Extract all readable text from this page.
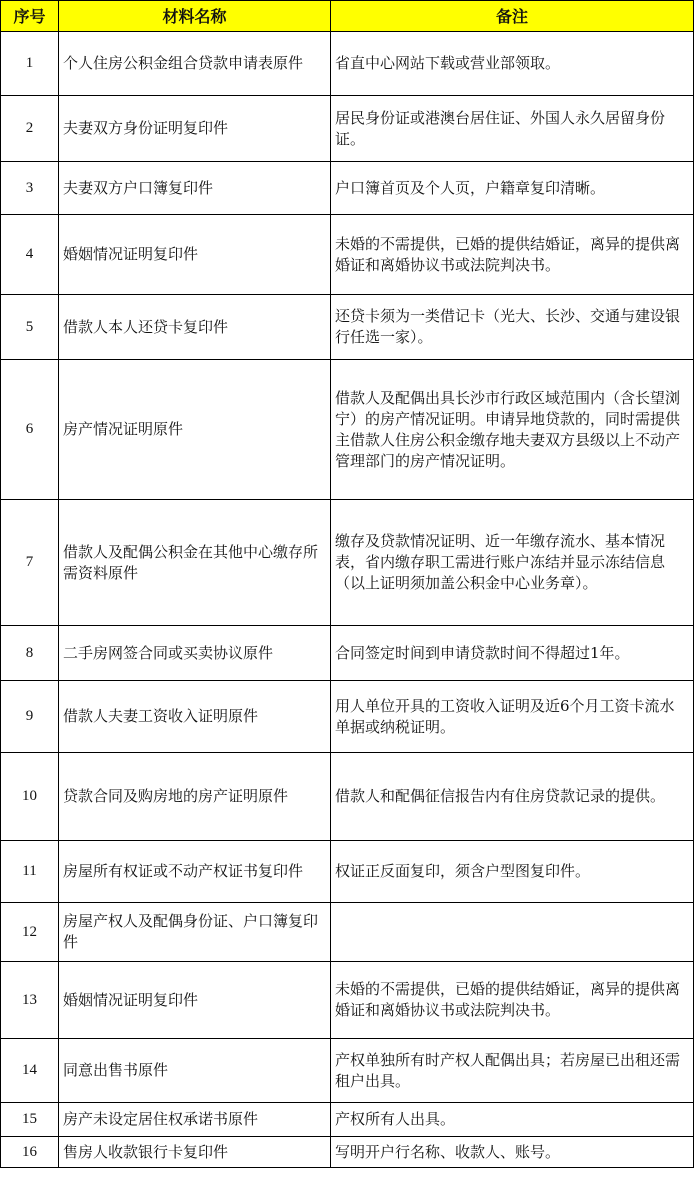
序号	材料名称	备注
1	个人住房公积金组合贷款申请表原件	省直中心网站下载或营业部领取。
2	夫妻双方身份证明复印件	居民身份证或港澳台居住证、外国人永久居留身份证。
3	夫妻双方户口簿复印件	户口簿首页及个人页，户籍章复印清晰。
4	婚姻情况证明复印件	未婚的不需提供，已婚的提供结婚证，离异的提供离婚证和离婚协议书或法院判决书。
5	借款人本人还贷卡复印件	还贷卡须为一类借记卡（光大、长沙、交通与建设银行任选一家）。
6	房产情况证明原件	借款人及配偶出具长沙市行政区域范围内（含长望浏宁）的房产情况证明。申请异地贷款的，同时需提供主借款人住房公积金缴存地夫妻双方县级以上不动产管理部门的房产情况证明。
7	借款人及配偶公积金在其他中心缴存所需资料原件	缴存及贷款情况证明、近一年缴存流水、基本情况表，省内缴存职工需进行账户冻结并显示冻结信息（以上证明须加盖公积金中心业务章）。
8	二手房网签合同或买卖协议原件	合同签定时间到申请贷款时间不得超过1年。
9	借款人夫妻工资收入证明原件	用人单位开具的工资收入证明及近6个月工资卡流水单据或纳税证明。
10	贷款合同及购房地的房产证明原件	借款人和配偶征信报告内有住房贷款记录的提供。
11	房屋所有权证或不动产权证书复印件	权证正反面复印，须含户型图复印件。
12	房屋产权人及配偶身份证、户口簿复印件	
13	婚姻情况证明复印件	未婚的不需提供，已婚的提供结婚证，离异的提供离婚证和离婚协议书或法院判决书。
14	同意出售书原件	产权单独所有时产权人配偶出具；若房屋已出租还需租户出具。
15	房产未设定居住权承诺书原件	产权所有人出具。
16	售房人收款银行卡复印件	写明开户行名称、收款人、账号。
